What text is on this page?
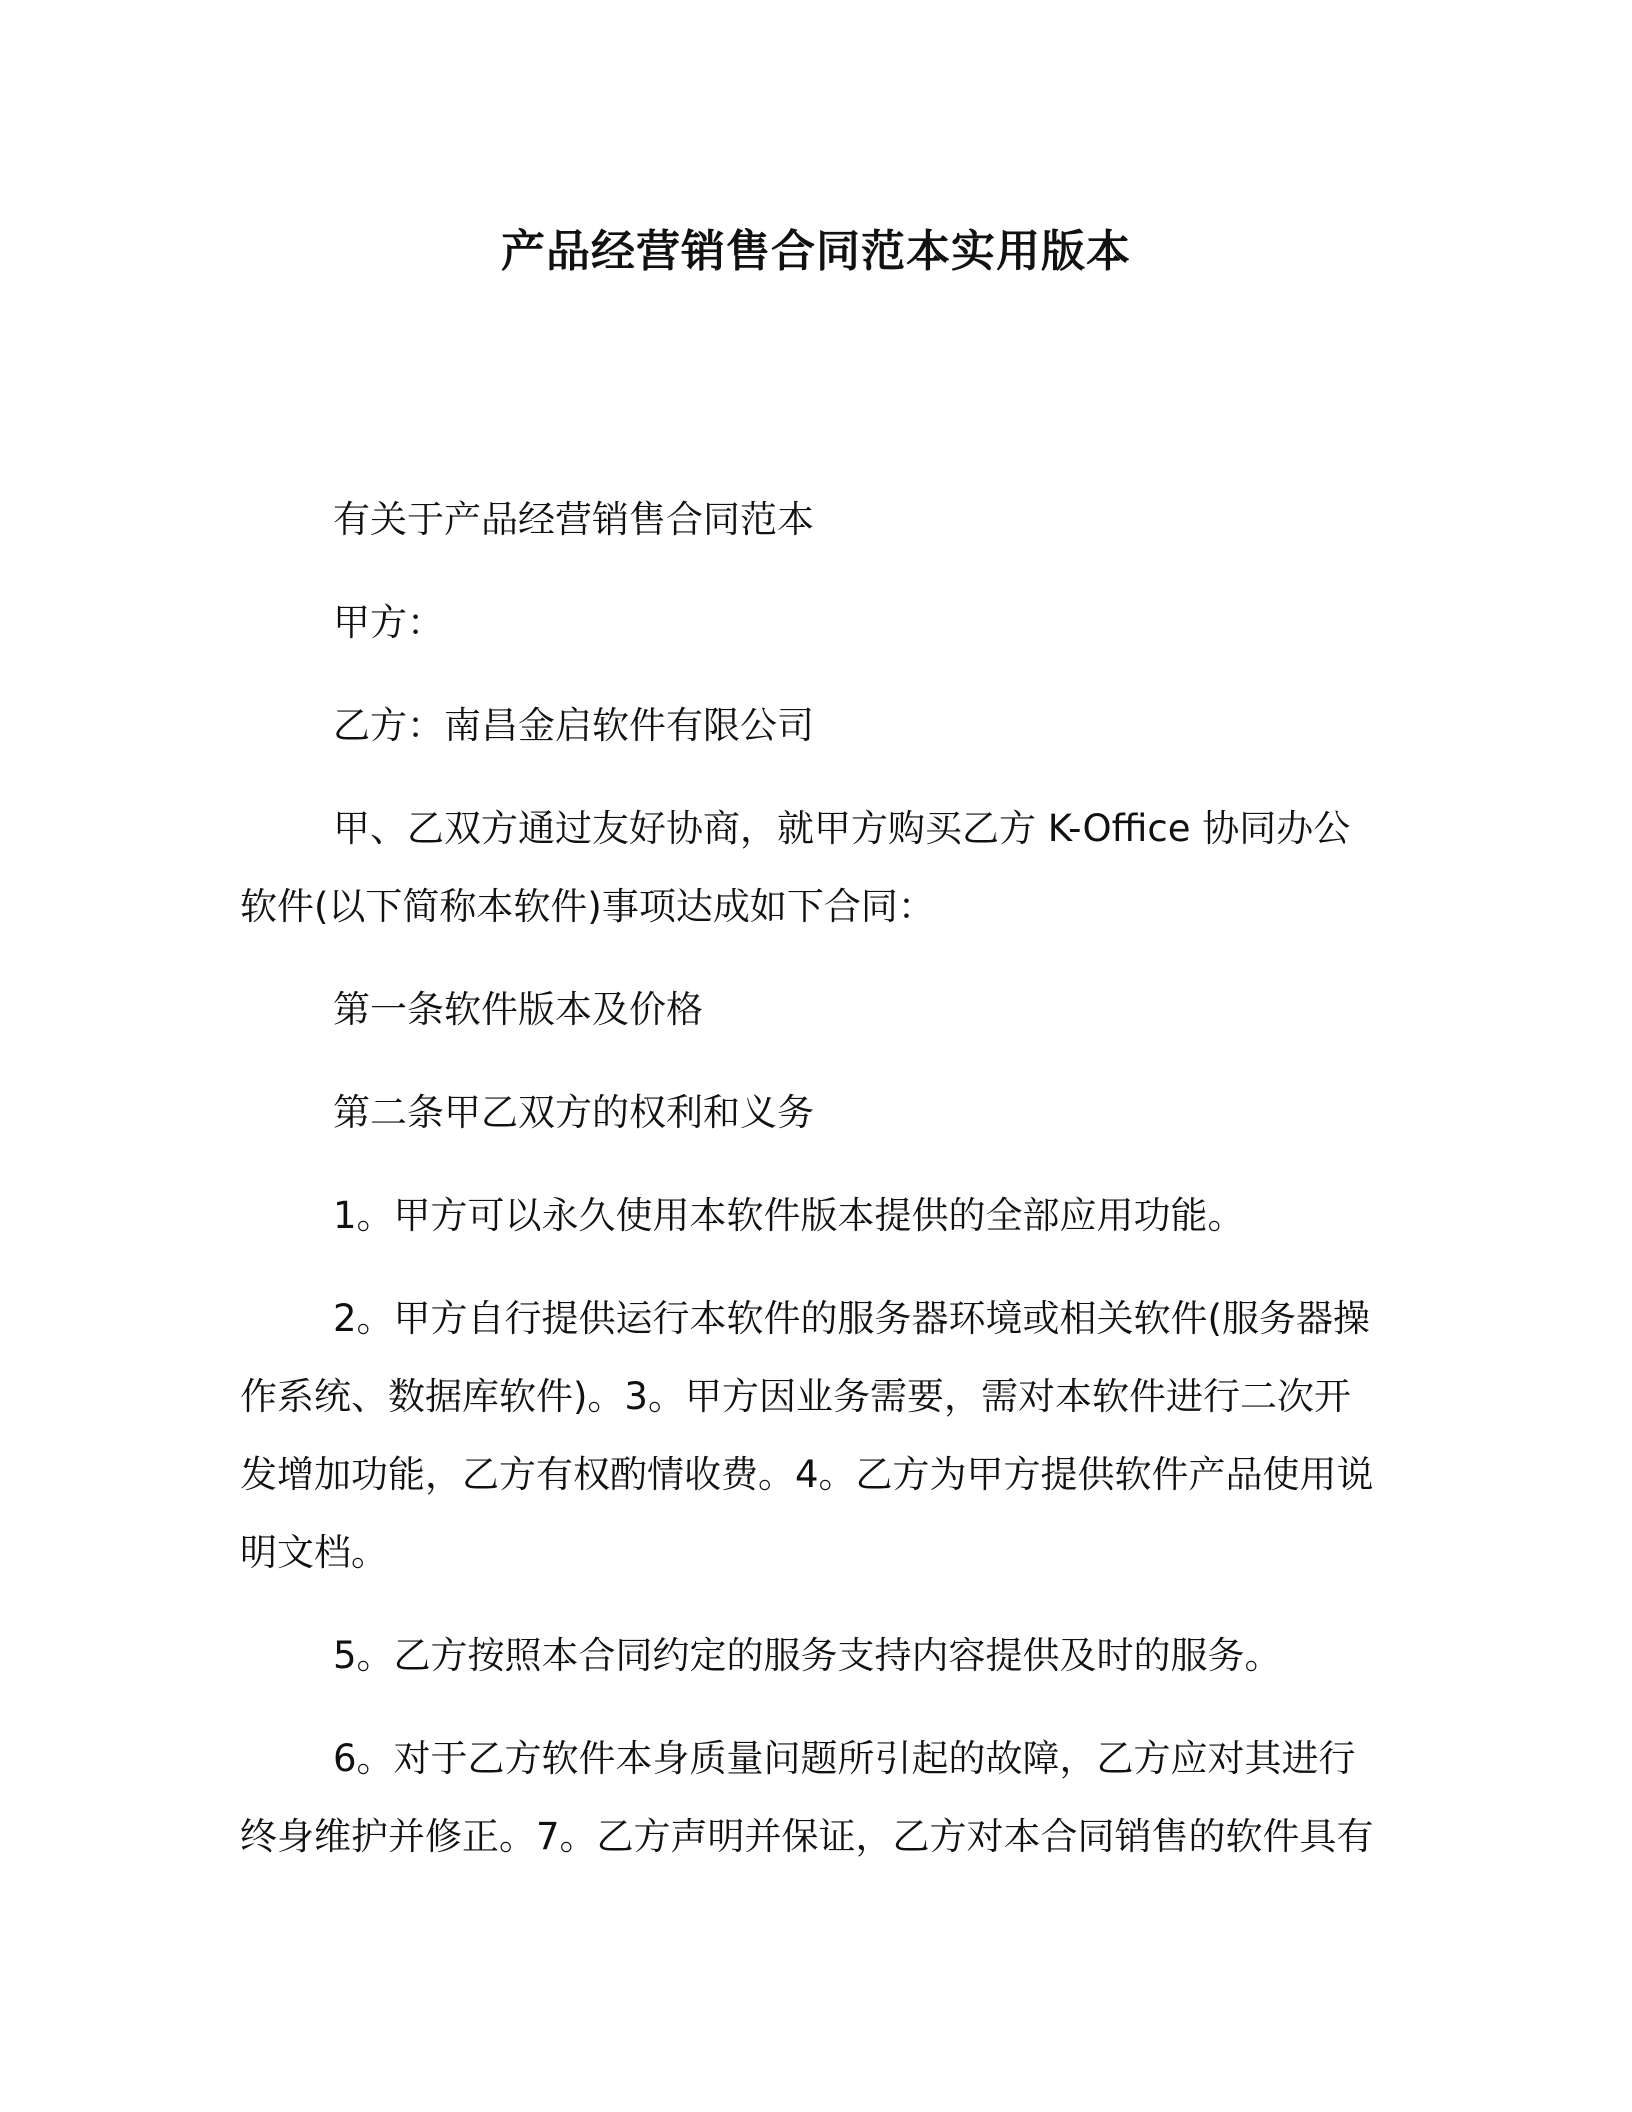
产品经营销售合同范本实用版本
有关于产品经营销售合同范本
甲方：
乙方：南昌金启软件有限公司
甲、乙双方通过友好协商，就甲方购买乙方 K-Office 协同办公
软件(以下简称本软件)事项达成如下合同：
第一条软件版本及价格
第二条甲乙双方的权利和义务
1。甲方可以永久使用本软件版本提供的全部应用功能。
2。甲方自行提供运行本软件的服务器环境或相关软件(服务器操
作系统、数据库软件)。3。甲方因业务需要，需对本软件进行二次开
发增加功能，乙方有权酌情收费。4。乙方为甲方提供软件产品使用说
明文档。
5。乙方按照本合同约定的服务支持内容提供及时的服务。
6。对于乙方软件本身质量问题所引起的故障，乙方应对其进行
终身维护并修正。7。乙方声明并保证，乙方对本合同销售的软件具有
